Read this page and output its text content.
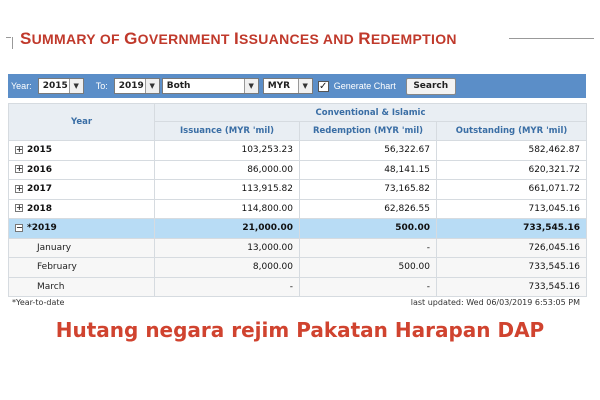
SUMMARY OF GOVERNMENT ISSUANCES AND REDEMPTION
Year: 2015 ▼	To: 2019 ▼	Both	▼	MYR	▼	✓ Generate Chart	Search
Year	Conventional & Islamic		
	Issuance (MYR 'mil)	Redemption (MYR 'mil)	Outstanding (MYR 'mil)
+ 2015	103,253.23	56,322.67	582,462.87
+ 2016	86,000.00	48,141.15	620,321.72
+ 2017	113,915.82	73,165.82	661,071.72
+ 2018	114,800.00	62,826.55	713,045.16
− *2019	21,000.00	500.00	733,545.16
January	13,000.00	-	726,045.16
February	8,000.00	500.00	733,545.16
March	-	-	733,545.16
*Year-to-date	last updated: Wed 06/03/2019 6:53:05 PM
Hutang negara rejim Pakatan Harapan DAP
